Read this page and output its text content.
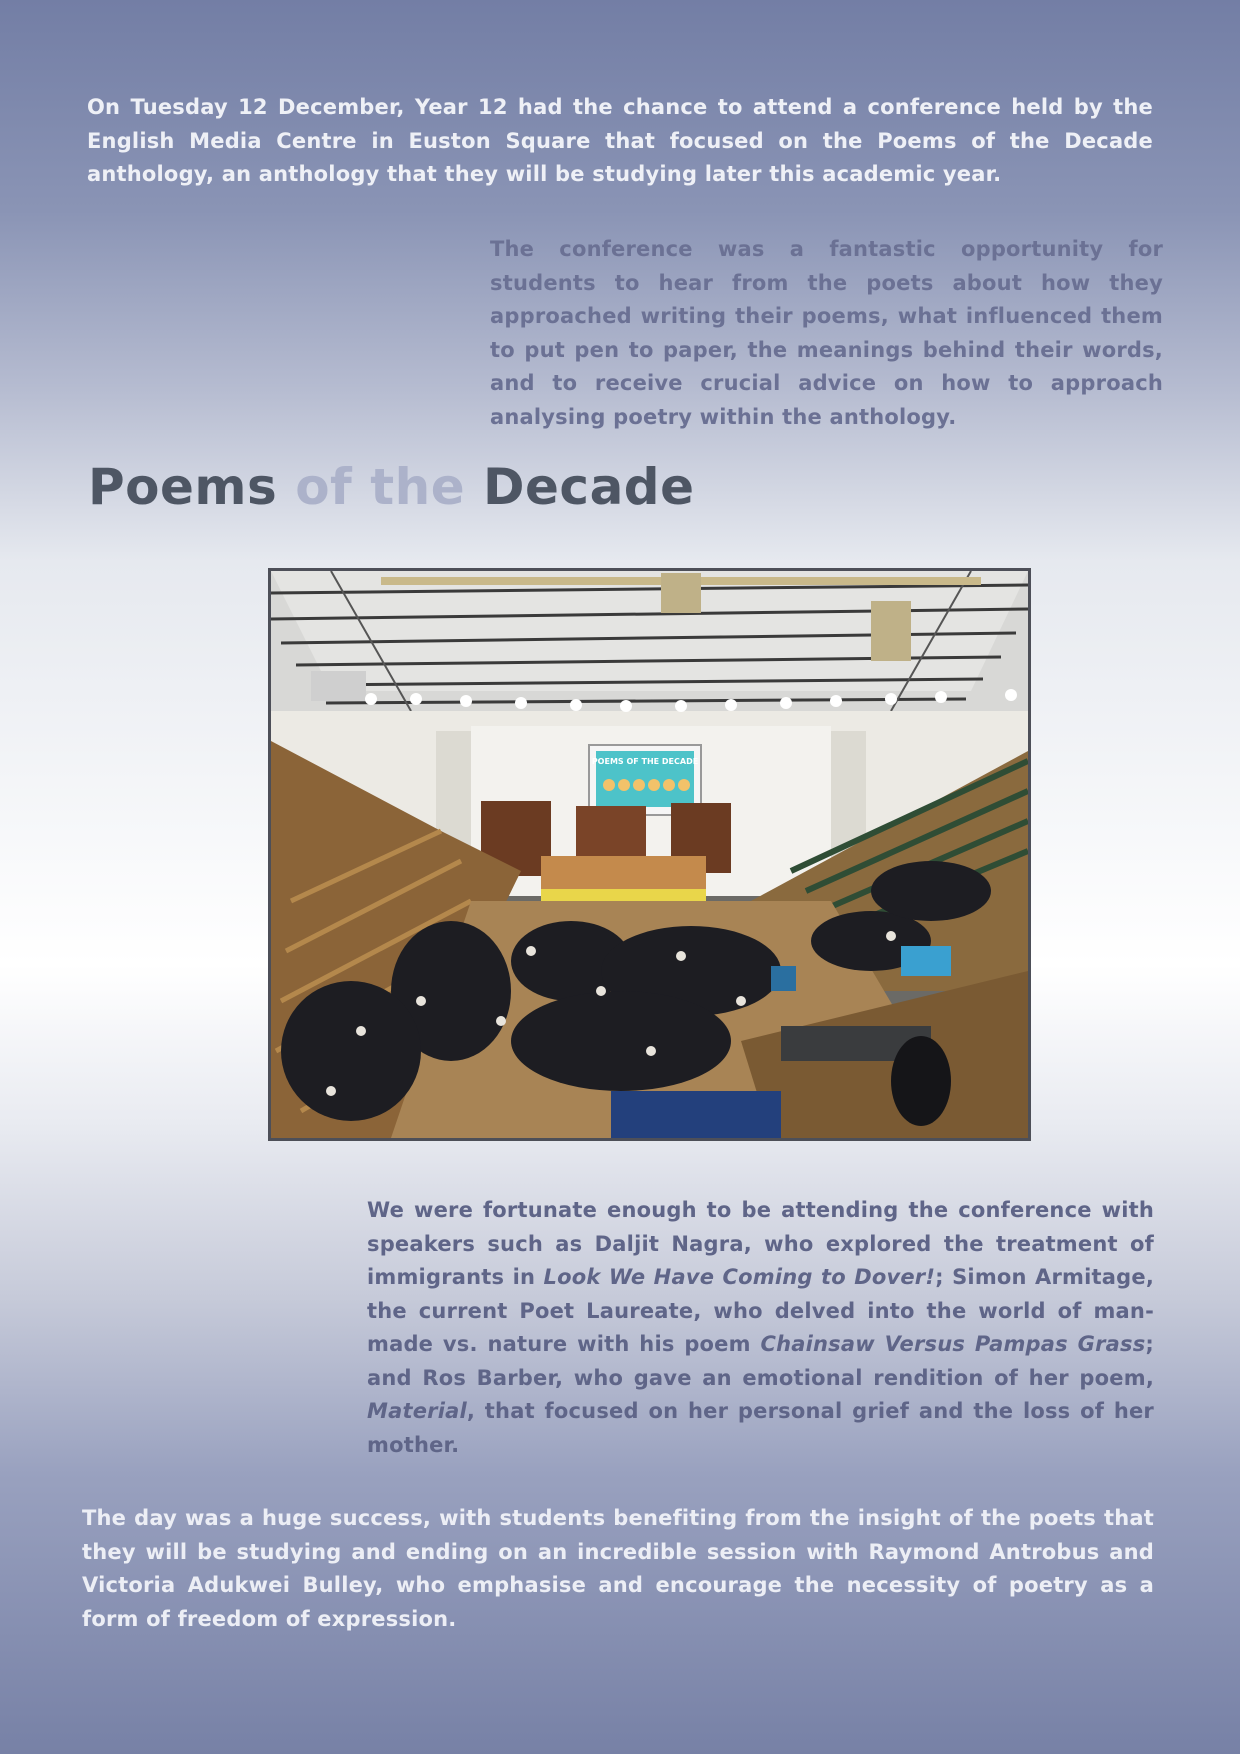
On Tuesday 12 December, Year 12 had the chance to attend a conference held by the English Media Centre in Euston Square that focused on the Poems of the Decade anthology, an anthology that they will be studying later this academic year.

The conference was a fantastic opportunity for students to hear from the poets about how they approached writing their poems, what influenced them to put pen to paper, the meanings behind their words, and to receive crucial advice on how to approach analysing poetry within the anthology.

Poems of the Decade
POEMS OF THE DECADE

We were fortunate enough to be attending the conference with speakers such as Daljit Nagra, who explored the treatment of immigrants in Look We Have Coming to Dover!; Simon Armitage, the current Poet Laureate, who delved into the world of man-made vs. nature with his poem Chainsaw Versus Pampas Grass; and Ros Barber, who gave an emotional rendition of her poem, Material, that focused on her personal grief and the loss of her mother.

The day was a huge success, with students benefiting from the insight of the poets that they will be studying and ending on an incredible session with Raymond Antrobus and Victoria Adukwei Bulley, who emphasise and encourage the necessity of poetry as a form of freedom of expression.
